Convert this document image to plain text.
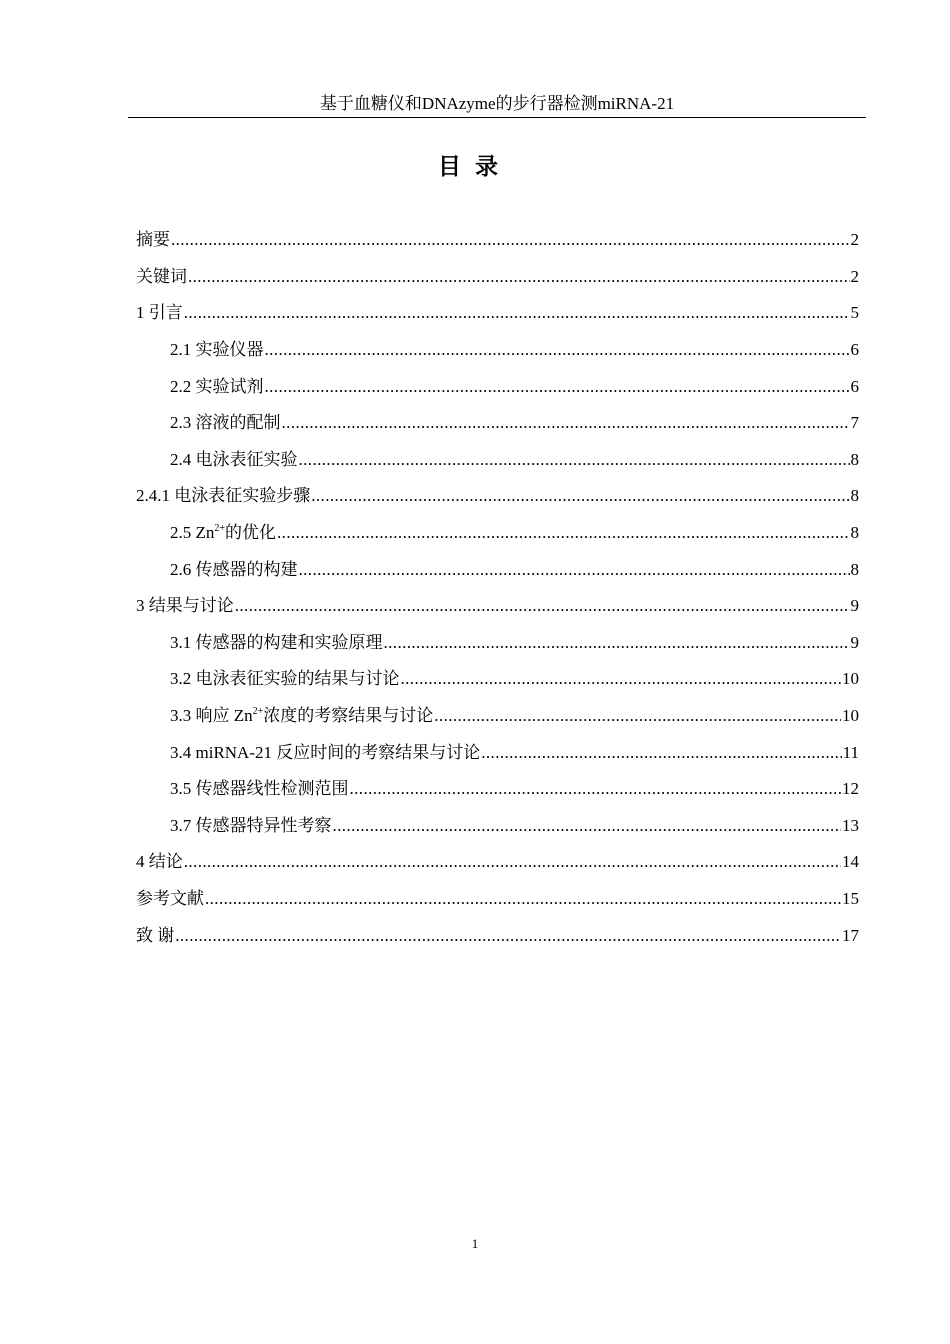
基于血糖仪和DNAzyme的步行器检测miRNA-21
目录
摘要 .....	2
关键词 .....	2
1 引言 .....	5
2.1 实验仪器 .....	6
2.2 实验试剂 .....	6
2.3 溶液的配制 .....	7
2.4 电泳表征实验 .....	8
2.4.1 电泳表征实验步骤 .....	8
2.5 $Zn^{2+}$的优化 .....	8
2.6 传感器的构建 .....	8
3 结果与讨论 .....	9
3.1 传感器的构建和实验原理 .....	9
3.2 电泳表征实验的结果与讨论 .....	10
3.3 响应 $Zn^{2+}$浓度的考察结果与讨论 .....	10
3.4 miRNA-21 反应时间的考察结果与讨论 .....	11
3.5 传感器线性检测范围 .....	12
3.7 传感器特异性考察 .....	13
4 结论 .....	14
参考文献 .....	15
致 谢 .....	17
1
